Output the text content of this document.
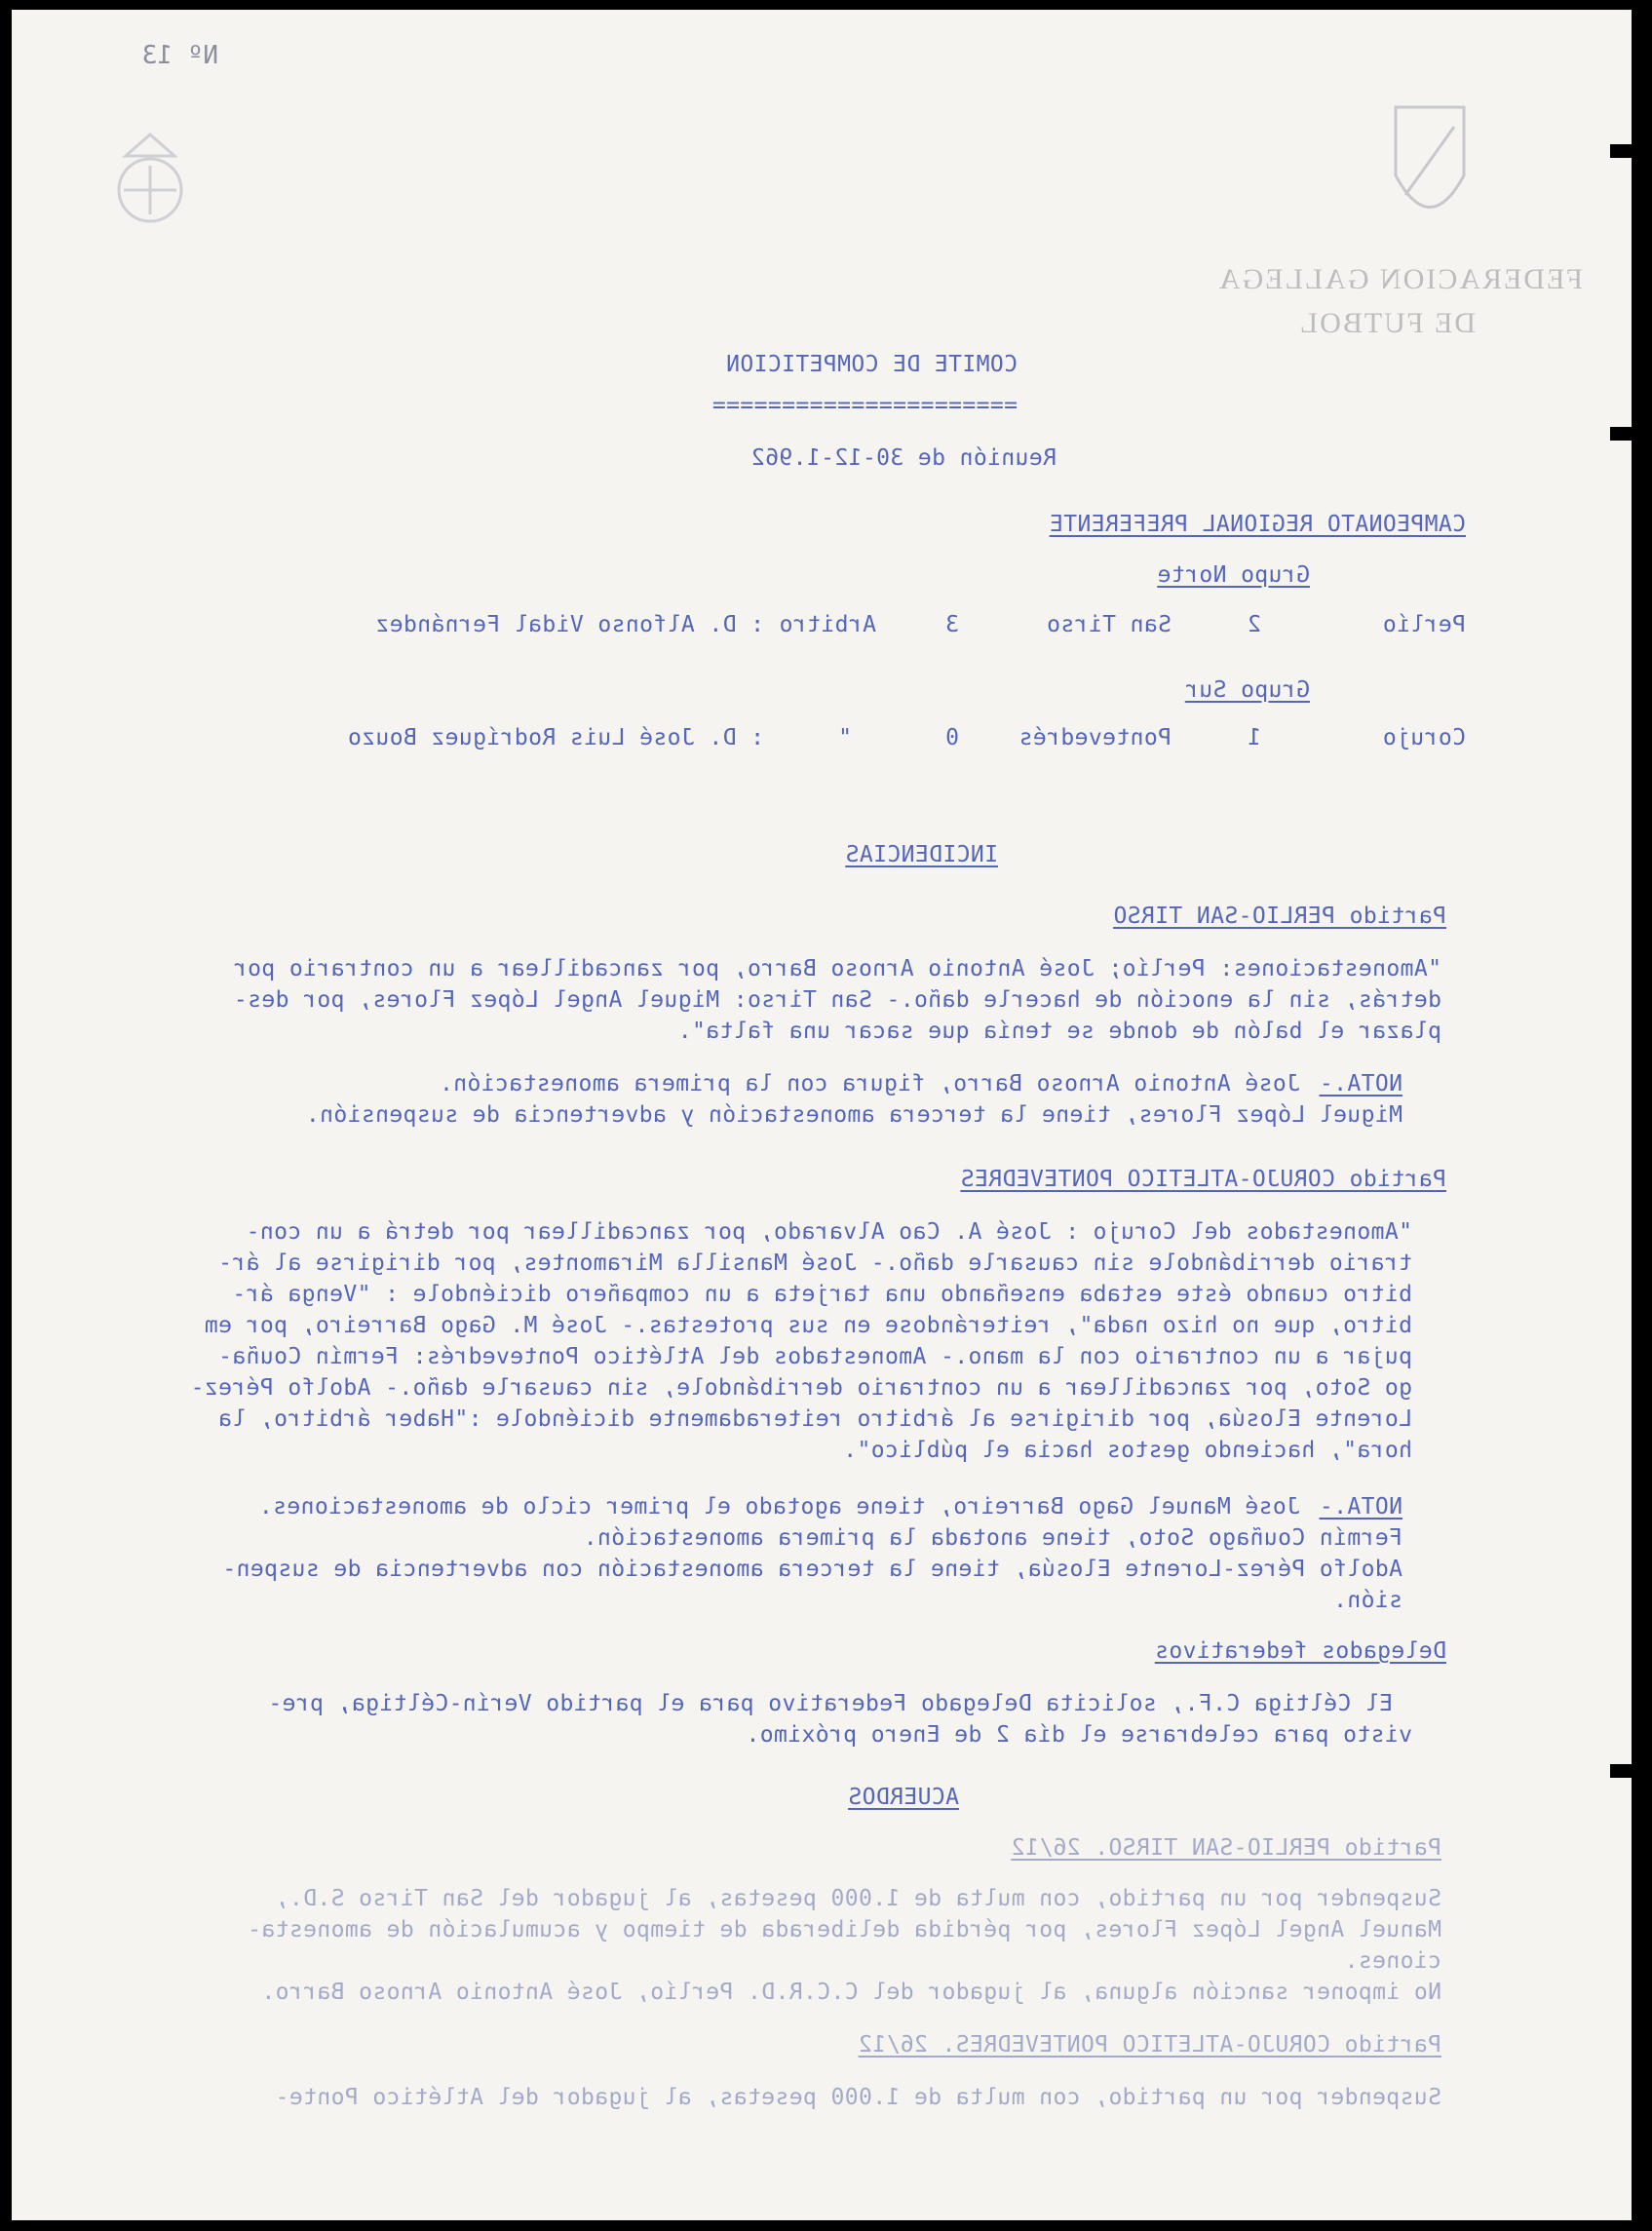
Nº 13
FEDERACION GALLEGA
DE FUTBOL
COMITE DE COMPETICION
======================
Reunión de 30-12-1.962
CAMPEONATO REGIONAL PREFERENTE
Grupo Norte
Perlío
2
San Tirso
3
Arbitro
: D. Alfonso Vidal Fernández
Grupo Sur
Corujo
1
Pontevedrés
0
"
: D. José Luis Rodríguez Bouzo
INCIDENCIAS
Partido PERLIO-SAN TIRSO
"Amonestaciones: Perlío; José Antonio Arnoso Barro, por zancadillear a un contrario por
detrás, sin la enoción de hacerle daño.- San Tirso: Miguel Angel López Flores, por des-
plazar el balón de donde se tenía que sacar una falta".
NOTA.-
José Antonio Arnoso Barro, figura con la primera amonestación.
Miguel López Flores, tiene la tercera amonestación y advertencia de suspensión.
Partido CORUJO-ATLETICO PONTEVEDRES
"Amonestados del Corujo : José A. Cao Alvarado, por zancadillear por detrá a un con-
trario derribándole sin causarle daño.- José Mansilla Miramontes, por dirigirse al ár-
bitro cuando éste estaba enseñando una tarjeta a un compañero diciéndole : "Venga ár-
bitro, que no hizo nada", reiterándose en sus protestas.- José M. Gago Barreiro, por em
pujar a un contrario con la mano.- Amonestados del Atlético Pontevedrés: Fermín Couña-
go Soto, por zancadillear a un contrario derribándole, sin causarle daño.- Adolfo Pérez-
Lorente Elosúa, por dirigirse al árbitro reiteradamente diciéndole :"Haber árbitro, la
hora", haciendo gestos hacia el público".
NOTA.-
José Manuel Gago Barreiro, tiene agotado el primer ciclo de amonestaciones.
Fermín Couñago Soto, tiene anotada la primera amonestación.
Adolfo Pérez-Lorente Elosúa, tiene la tercera amonestación con advertencia de suspen-
sión.
Delegados federativos
El Céltiga C.F., solicita Delegado Federativo para el partido Verín-Céltiga, pre-
visto para celebrarse el día 2 de Enero próximo.
ACUERDOS
Partido PERLIO-SAN TIRSO. 26/12
Suspender por un partido, con multa de 1.000 pesetas, al jugador del San Tirso S.D.,
Manuel Angel López Flores, por pérdida deliberada de tiempo y acumulación de amonesta-
ciones.
No imponer sanción alguna, al jugador del C.C.R.D. Perlío, José Antonio Arnoso Barro.
Partido CORUJO-ATLETICO PONTEVEDRES. 26/12
Suspender por un partido, con multa de 1.000 pesetas, al jugador del Atlético Ponte-
